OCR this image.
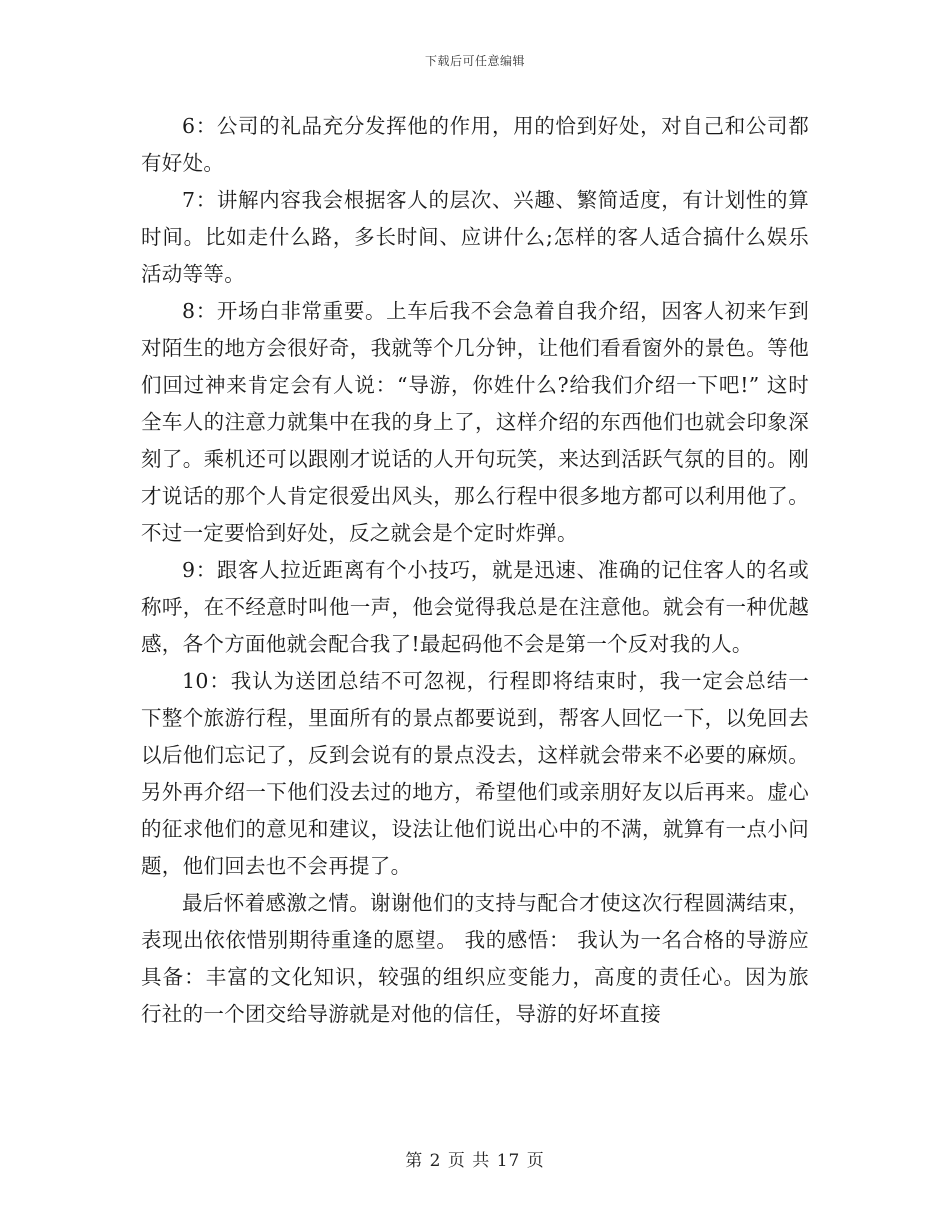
下载后可任意编辑

6：公司的礼品充分发挥他的作用，用的恰到好处，对自己和公司都有好处。

7：讲解内容我会根据客人的层次、兴趣、繁简适度，有计划性的算时间。比如走什么路，多长时间、应讲什么;怎样的客人适合搞什么娱乐活动等等。

8：开场白非常重要。上车后我不会急着自我介绍，因客人初来乍到对陌生的地方会很好奇，我就等个几分钟，让他们看看窗外的景色。等他们回过神来肯定会有人说：“导游，你姓什么?给我们介绍一下吧!” 这时全车人的注意力就集中在我的身上了，这样介绍的东西他们也就会印象深刻了。乘机还可以跟刚才说话的人开句玩笑，来达到活跃气氛的目的。刚才说话的那个人肯定很爱出风头，那么行程中很多地方都可以利用他了。不过一定要恰到好处，反之就会是个定时炸弹。

9：跟客人拉近距离有个小技巧，就是迅速、准确的记住客人的名或称呼，在不经意时叫他一声，他会觉得我总是在注意他。就会有一种优越感，各个方面他就会配合我了!最起码他不会是第一个反对我的人。

10：我认为送团总结不可忽视，行程即将结束时，我一定会总结一下整个旅游行程，里面所有的景点都要说到，帮客人回忆一下，以免回去以后他们忘记了，反到会说有的景点没去，这样就会带来不必要的麻烦。另外再介绍一下他们没去过的地方，希望他们或亲朋好友以后再来。虚心的征求他们的意见和建议，设法让他们说出心中的不满，就算有一点小问题，他们回去也不会再提了。

最后怀着感激之情。谢谢他们的支持与配合才使这次行程圆满结束，表现出依依惜别期待重逢的愿望。 我的感悟： 我认为一名合格的导游应具备：丰富的文化知识，较强的组织应变能力，高度的责任心。因为旅 行社的一个团交给导游就是对他的信任，导游的好坏直接

第 2 页 共 17 页
